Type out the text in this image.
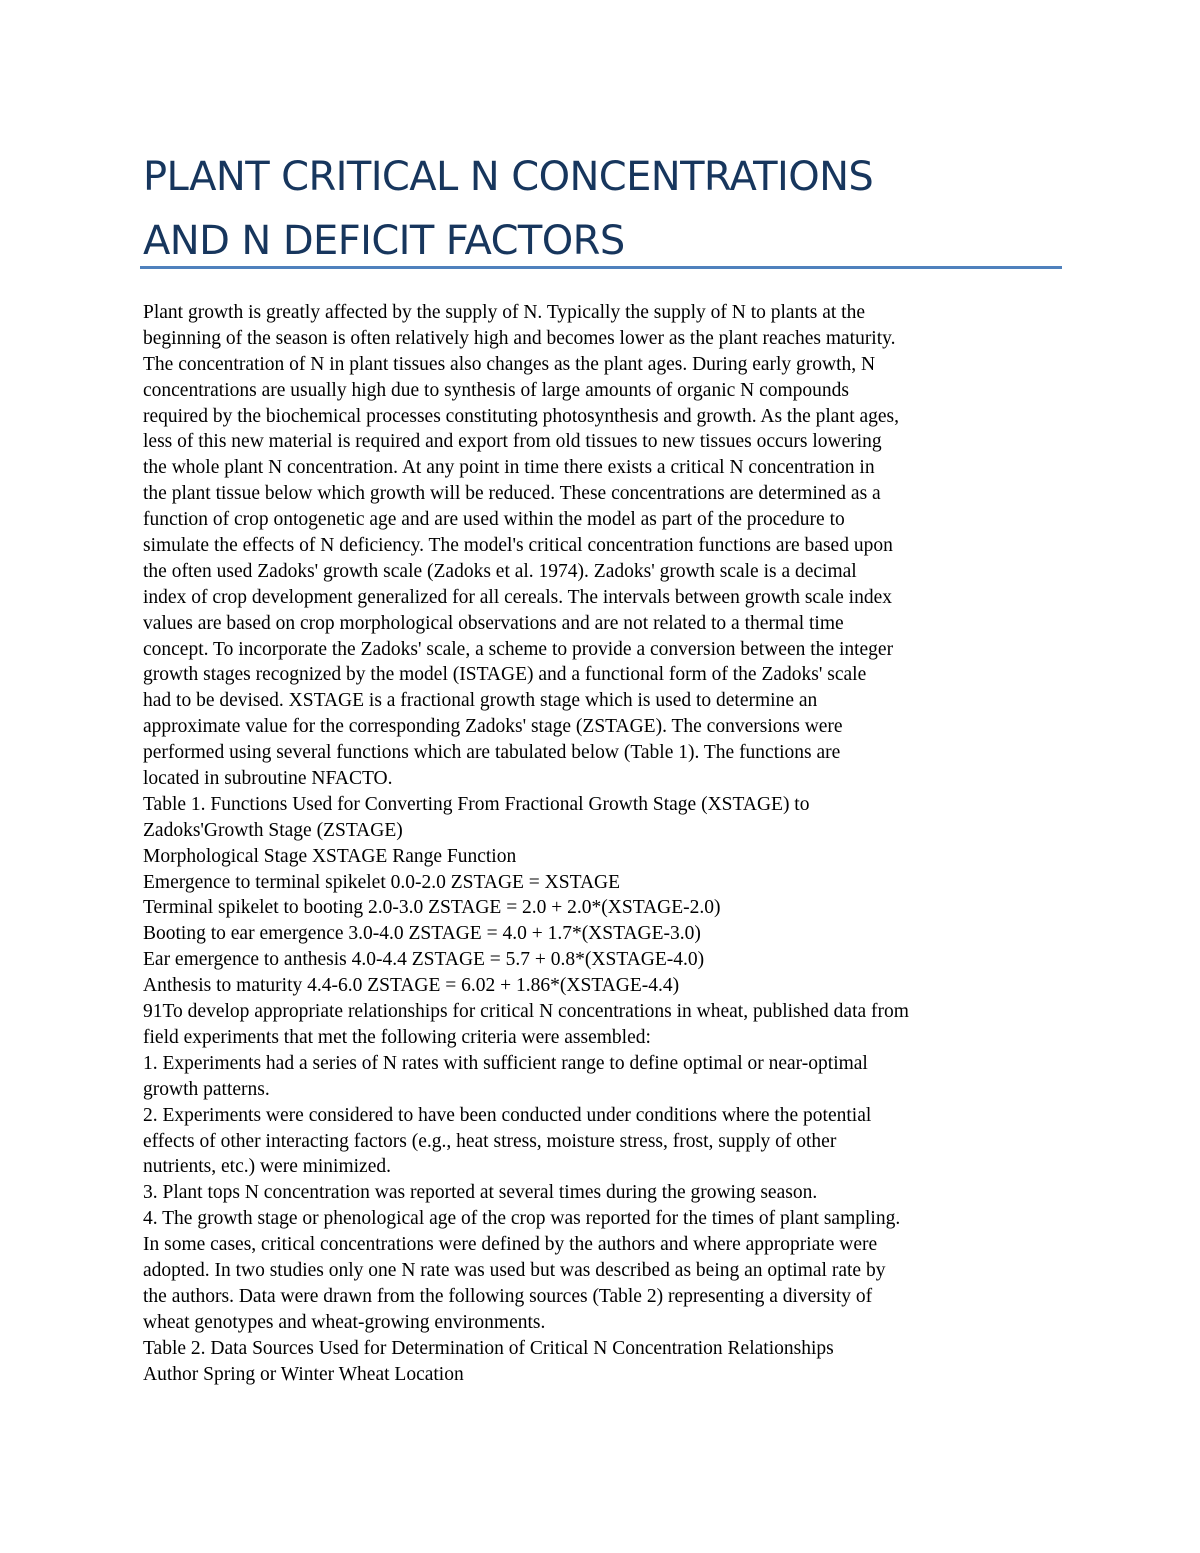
PLANT CRITICAL N CONCENTRATIONS
AND N DEFICIT FACTORS
Plant growth is greatly affected by the supply of N. Typically the supply of N to plants at the
beginning of the season is often relatively high and becomes lower as the plant reaches maturity.
The concentration of N in plant tissues also changes as the plant ages. During early growth, N
concentrations are usually high due to synthesis of large amounts of organic N compounds
required by the biochemical processes constituting photosynthesis and growth. As the plant ages,
less of this new material is required and export from old tissues to new tissues occurs lowering
the whole plant N concentration. At any point in time there exists a critical N concentration in
the plant tissue below which growth will be reduced. These concentrations are determined as a
function of crop ontogenetic age and are used within the model as part of the procedure to
simulate the effects of N deficiency. The model's critical concentration functions are based upon
the often used Zadoks' growth scale (Zadoks et al. 1974). Zadoks' growth scale is a decimal
index of crop development generalized for all cereals. The intervals between growth scale index
values are based on crop morphological observations and are not related to a thermal time
concept. To incorporate the Zadoks' scale, a scheme to provide a conversion between the integer
growth stages recognized by the model (ISTAGE) and a functional form of the Zadoks' scale
had to be devised. XSTAGE is a fractional growth stage which is used to determine an
approximate value for the corresponding Zadoks' stage (ZSTAGE). The conversions were
performed using several functions which are tabulated below (Table 1). The functions are
located in subroutine NFACTO.
Table 1. Functions Used for Converting From Fractional Growth Stage (XSTAGE) to
Zadoks'Growth Stage (ZSTAGE)
Morphological Stage XSTAGE Range Function
Emergence to terminal spikelet 0.0-2.0 ZSTAGE = XSTAGE
Terminal spikelet to booting 2.0-3.0 ZSTAGE = 2.0 + 2.0*(XSTAGE-2.0)
Booting to ear emergence 3.0-4.0 ZSTAGE = 4.0 + 1.7*(XSTAGE-3.0)
Ear emergence to anthesis 4.0-4.4 ZSTAGE = 5.7 + 0.8*(XSTAGE-4.0)
Anthesis to maturity 4.4-6.0 ZSTAGE = 6.02 + 1.86*(XSTAGE-4.4)
91To develop appropriate relationships for critical N concentrations in wheat, published data from
field experiments that met the following criteria were assembled:
1. Experiments had a series of N rates with sufficient range to define optimal or near-optimal
growth patterns.
2. Experiments were considered to have been conducted under conditions where the potential
effects of other interacting factors (e.g., heat stress, moisture stress, frost, supply of other
nutrients, etc.) were minimized.
3. Plant tops N concentration was reported at several times during the growing season.
4. The growth stage or phenological age of the crop was reported for the times of plant sampling.
In some cases, critical concentrations were defined by the authors and where appropriate were
adopted. In two studies only one N rate was used but was described as being an optimal rate by
the authors. Data were drawn from the following sources (Table 2) representing a diversity of
wheat genotypes and wheat-growing environments.
Table 2. Data Sources Used for Determination of Critical N Concentration Relationships
Author Spring or Winter Wheat Location
